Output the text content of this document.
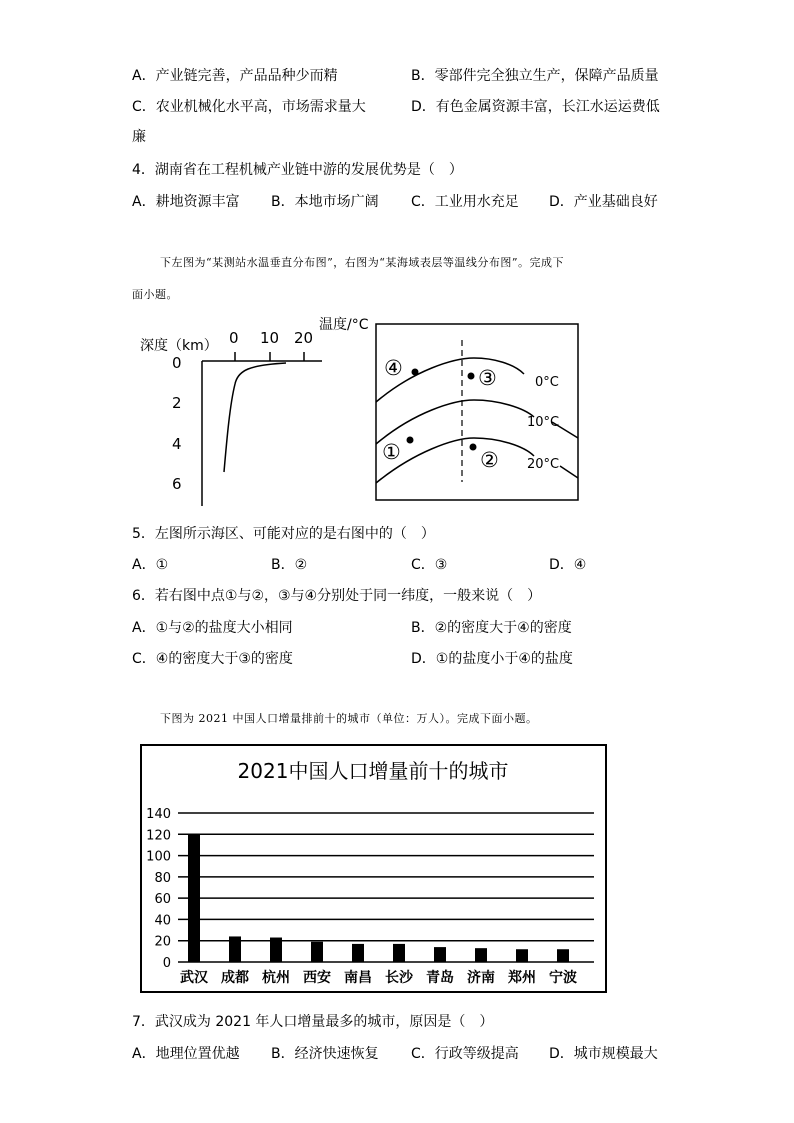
A．产业链完善，产品品种少而精	B．零部件完全独立生产，保障产品质量
C．农业机械化水平高，市场需求量大	D．有色金属资源丰富，长江水运运费低
廉
4．湖南省在工程机械产业链中游的发展优势是（　）
A．耕地资源丰富 B．本地市场广阔 C．工业用水充足 D．产业基础良好
下左图为“某测站水温垂直分布图”，右图为“某海域表层等温线分布图”。完成下
面小题。
深度（km）
温度/°C
0 10 20
0
2
4
6
0°C
10°C
20°C
④	③
①	②
5．左图所示海区、可能对应的是右图中的（　）
A．①	B．②	C．③	D．④
6．若右图中点①与②，③与④分别处于同一纬度，一般来说（　）
A．①与②的盐度大小相同	B．②的密度大于④的密度
C．④的密度大于③的密度	D．①的盐度小于④的盐度
下图为 2021 中国人口增量排前十的城市（单位：万人）。完成下面小题。
2021中国人口增量前十的城市
0
20
40
60
80
100
120
140
武汉 成都 杭州 西安 南昌 长沙 青岛 济南 郑州 宁波
7．武汉成为 2021 年人口增量最多的城市，原因是（　）
A．地理位置优越 B．经济快速恢复 C．行政等级提高 D．城市规模最大
